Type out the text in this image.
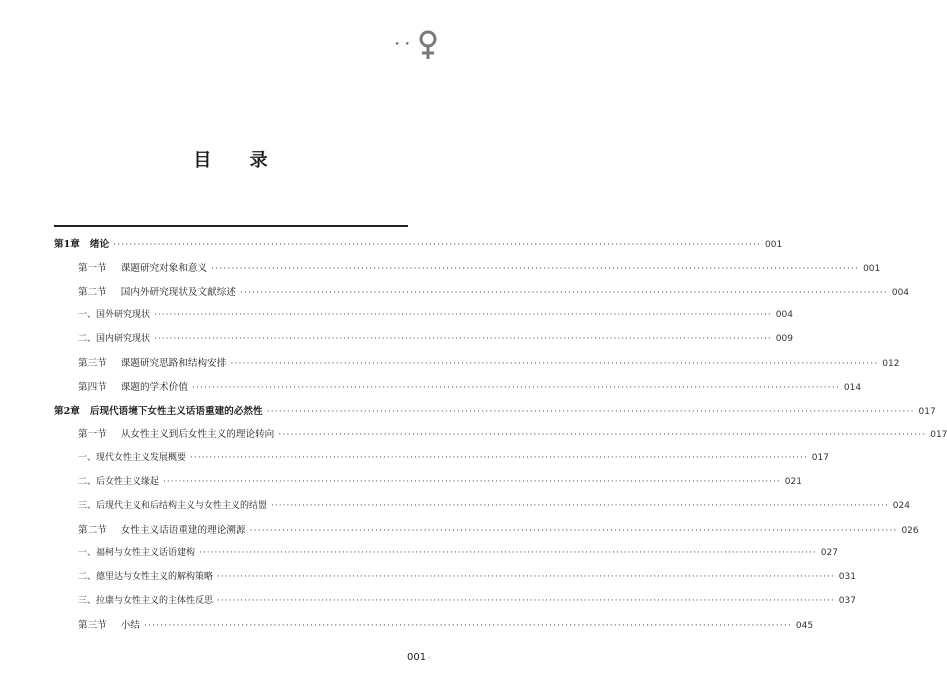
• •
目 录
第1章 绪论 ································································································································································ 001
第一节 课题研究对象和意义 ································································································································································ 001
第二节 国内外研究现状及文献综述 ································································································································································ 004
一、国外研究现状 ································································································································································ 004
二、国内研究现状 ································································································································································ 009
第三节 课题研究思路和结构安排 ································································································································································ 012
第四节 课题的学术价值 ································································································································································ 014
第2章 后现代语境下女性主义话语重建的必然性 ································································································································································ 017
第一节 从女性主义到后女性主义的理论转向 ································································································································································ 017
一、现代女性主义发展概要 ································································································································································ 017
二、后女性主义缘起 ································································································································································ 021
三、后现代主义和后结构主义与女性主义的结盟 ································································································································································ 024
第二节 女性主义话语重建的理论溯源 ································································································································································ 026
一、福柯与女性主义话语建构 ································································································································································ 027
二、德里达与女性主义的解构策略 ································································································································································ 031
三、拉康与女性主义的主体性反思 ································································································································································ 037
第三节 小结 ································································································································································ 045
001◦
